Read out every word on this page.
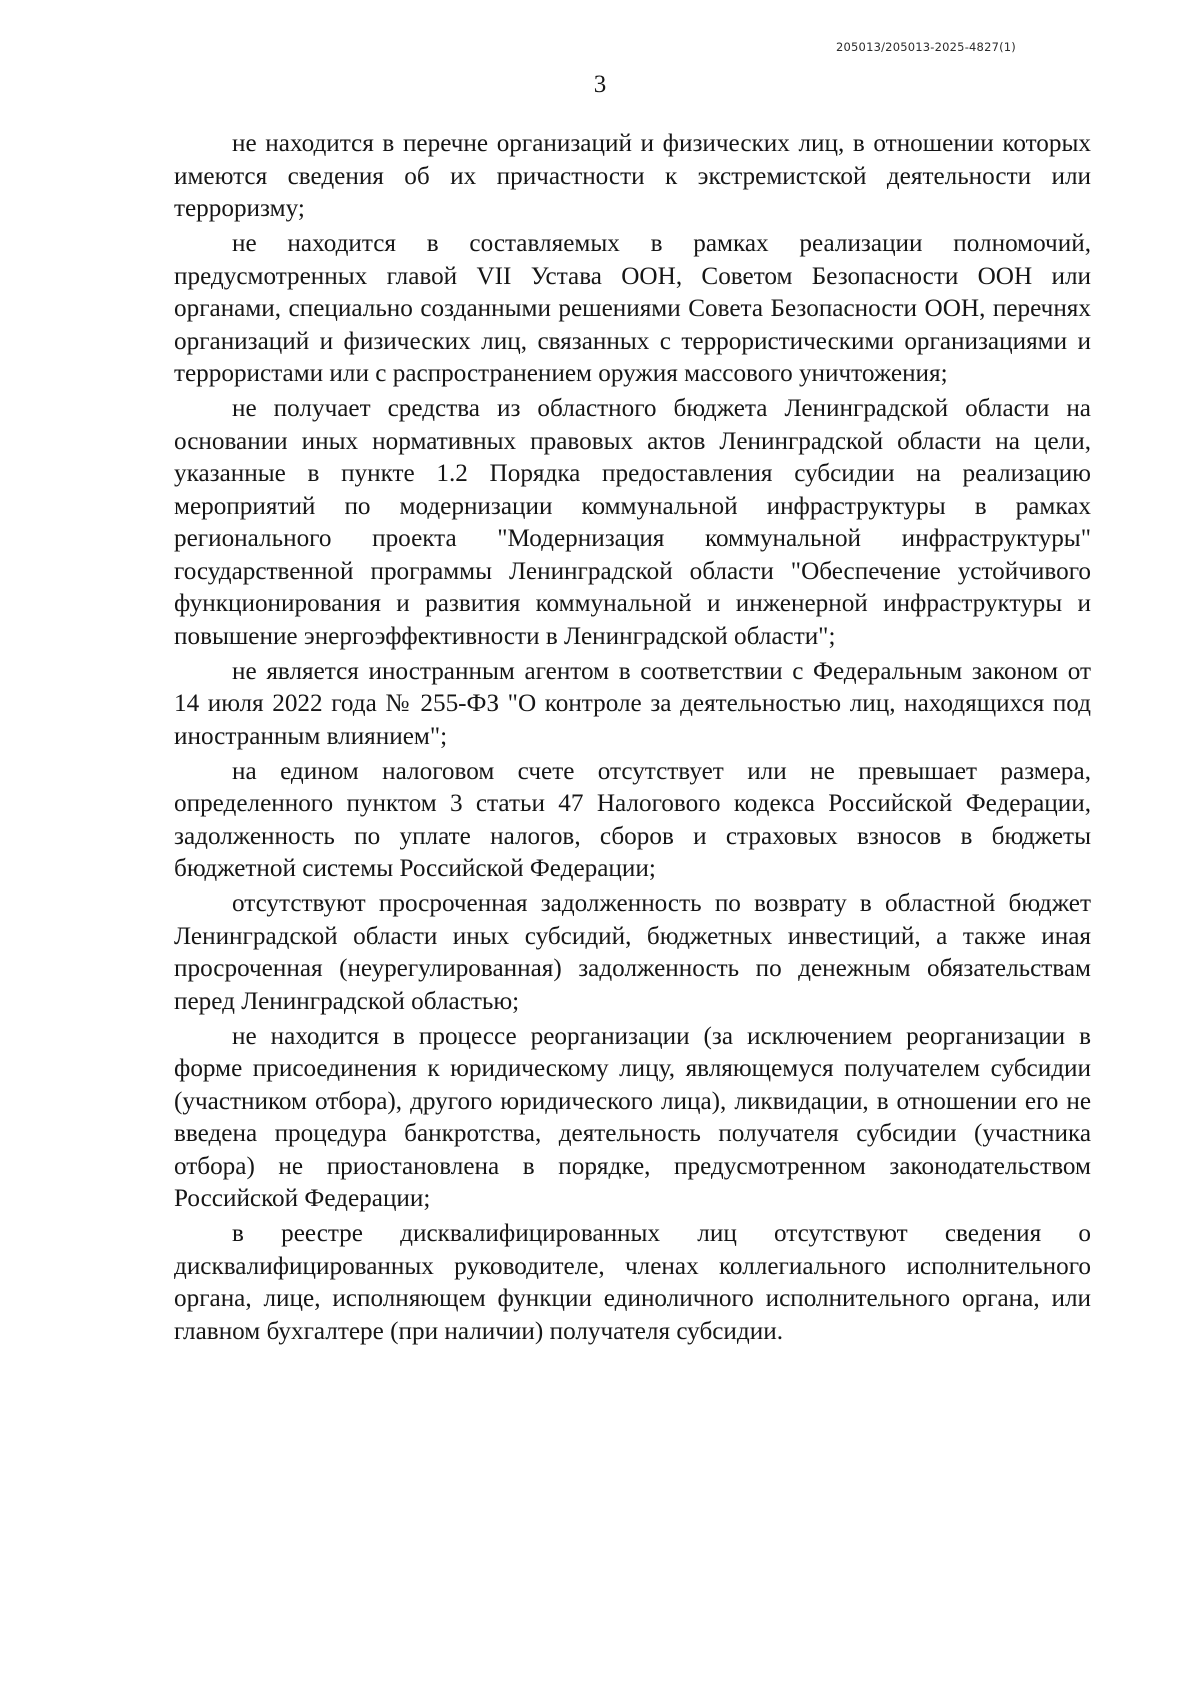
205013/205013-2025-4827(1)
3

не находится в перечне организаций и физических лиц, в отношении которых имеются сведения об их причастности к экстремистской деятельности или терроризму;

не находится в составляемых в рамках реализации полномочий, предусмотренных главой VII Устава ООН, Советом Безопасности ООН или органами, специально созданными решениями Совета Безопасности ООН, перечнях организаций и физических лиц, связанных с террористическими организациями и террористами или с распространением оружия массового уничтожения;

не получает средства из областного бюджета Ленинградской области на основании иных нормативных правовых актов Ленинградской области на цели, указанные в пункте 1.2 Порядка предоставления субсидии на реализацию мероприятий по модернизации коммунальной инфраструктуры в рамках регионального проекта "Модернизация коммунальной инфраструктуры" государственной программы Ленинградской области "Обеспечение устойчивого функционирования и развития коммунальной и инженерной инфраструктуры и повышение энергоэффективности в Ленинградской области";

не является иностранным агентом в соответствии с Федеральным законом от 14 июля 2022 года № 255-ФЗ "О контроле за деятельностью лиц, находящихся под иностранным влиянием";

на едином налоговом счете отсутствует или не превышает размера, определенного пунктом 3 статьи 47 Налогового кодекса Российской Федерации, задолженность по уплате налогов, сборов и страховых взносов в бюджеты бюджетной системы Российской Федерации;

отсутствуют просроченная задолженность по возврату в областной бюджет Ленинградской области иных субсидий, бюджетных инвестиций, а также иная просроченная (неурегулированная) задолженность по денежным обязательствам перед Ленинградской областью;

не находится в процессе реорганизации (за исключением реорганизации в форме присоединения к юридическому лицу, являющемуся получателем субсидии (участником отбора), другого юридического лица), ликвидации, в отношении его не введена процедура банкротства, деятельность получателя субсидии (участника отбора) не приостановлена в порядке, предусмотренном законодательством Российской Федерации;

в реестре дисквалифицированных лиц отсутствуют сведения о дисквалифицированных руководителе, членах коллегиального исполнительного органа, лице, исполняющем функции единоличного исполнительного органа, или главном бухгалтере (при наличии) получателя субсидии.
